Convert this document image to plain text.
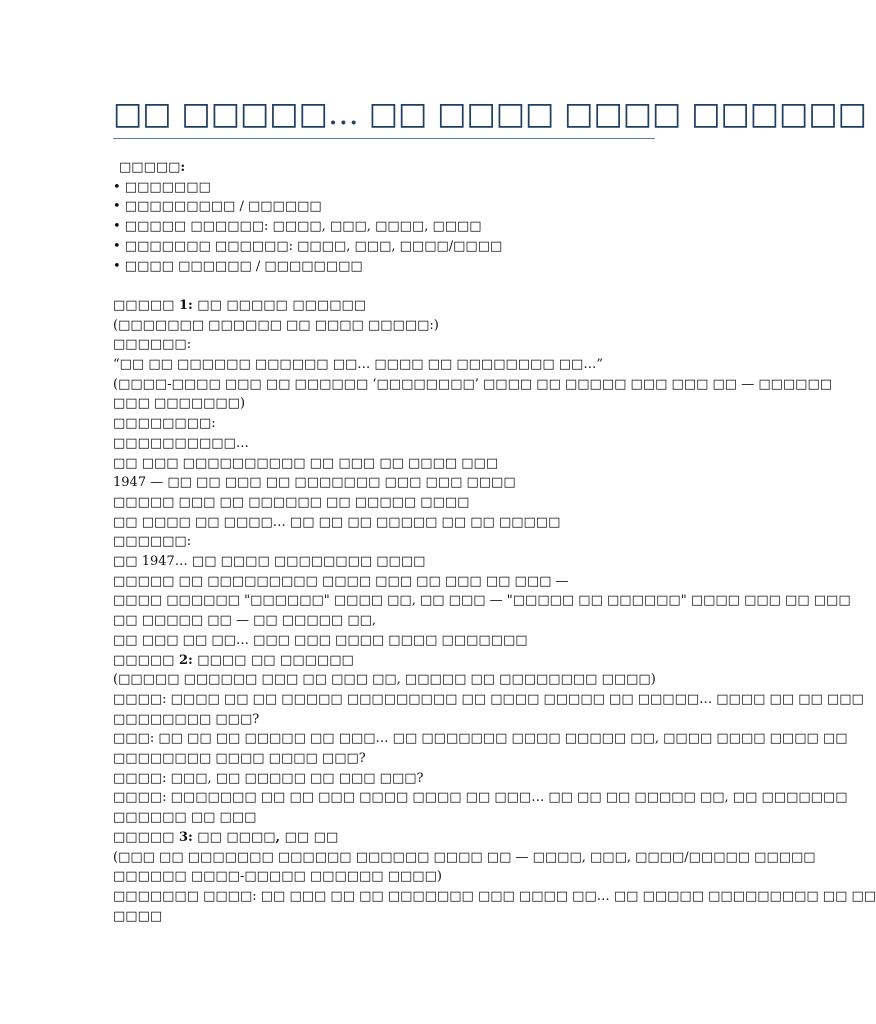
□□ □□□□□… □□ □□□□ □□□□ □□□□□□
□□□□□:
• □□□□□□□
• □□□□□□□□□ / □□□□□□
• □□□□□ □□□□□□: □□□□, □□□, □□□□, □□□□
• □□□□□□□ □□□□□□: □□□□, □□□, □□□□/□□□□
• □□□□ □□□□□□ / □□□□□□□□
□□□□□ 1: □□ □□□□□ □□□□□□
(□□□□□□□ □□□□□□ □□ □□□□ □□□□□:)
□□□□□□:
“□□ □□ □□□□□□ □□□□□□ □□… □□□□ □□ □□□□□□□□ □□…”
(□□□□-□□□□ □□□ □□ □□□□□□ ‘□□□□□□□□’ □□□□ □□ □□□□□ □□□ □□□ □□ — □□□□□□
□□□ □□□□□□□)
□□□□□□□□:
□□□□□□□□□□…
□□ □□□ □□□□□□□□□□ □□ □□□ □□ □□□□ □□□
1947 — □□ □□ □□□ □□ □□□□□□□ □□□ □□□ □□□□
□□□□□ □□□ □□ □□□□□□ □□ □□□□□ □□□□
□□ □□□□ □□ □□□□… □□ □□ □□ □□□□□ □□ □□ □□□□□
□□□□□□:
□□ 1947… □□ □□□□ □□□□□□□□ □□□□
□□□□□ □□ □□□□□□□□□ □□□□ □□□ □□ □□□ □□ □□□ —
□□□□ □□□□□□ "□□□□□□" □□□□ □□, □□ □□□ — "□□□□□ □□ □□□□□□" □□□□ □□□ □□ □□□
□□ □□□□□ □□ — □□ □□□□□ □□,
□□ □□□ □□ □□… □□□ □□□ □□□□ □□□□ □□□□□□□
□□□□□ 2: □□□□ □□ □□□□□□
(□□□□□ □□□□□□ □□□ □□ □□□ □□, □□□□□ □□ □□□□□□□□ □□□□)
□□□□: □□□□ □□ □□ □□□□□ □□□□□□□□□ □□ □□□□ □□□□□ □□ □□□□□… □□□□ □□ □□ □□□
□□□□□□□□ □□□?
□□□: □□ □□ □□ □□□□□ □□ □□□… □□ □□□□□□□ □□□□ □□□□□ □□, □□□□ □□□□ □□□□ □□
□□□□□□□□ □□□□ □□□□ □□□?
□□□□: □□□, □□ □□□□□ □□ □□□ □□□?
□□□□: □□□□□□□ □□ □□ □□□ □□□□ □□□□ □□ □□□… □□ □□ □□ □□□□□ □□, □□ □□□□□□□
□□□□□□ □□ □□□
□□□□□ 3: □□ □□□□, □□ □□
(□□□ □□ □□□□□□□ □□□□□□ □□□□□□ □□□□ □□ — □□□□, □□□, □□□□/□□□□□ □□□□□
□□□□□□ □□□□-□□□□□ □□□□□□ □□□□)
□□□□□□□ □□□□: □□ □□□ □□ □□ □□□□□□□ □□□ □□□□ □□… □□ □□□□□ □□□□□□□□□ □□ □□
□□□□
